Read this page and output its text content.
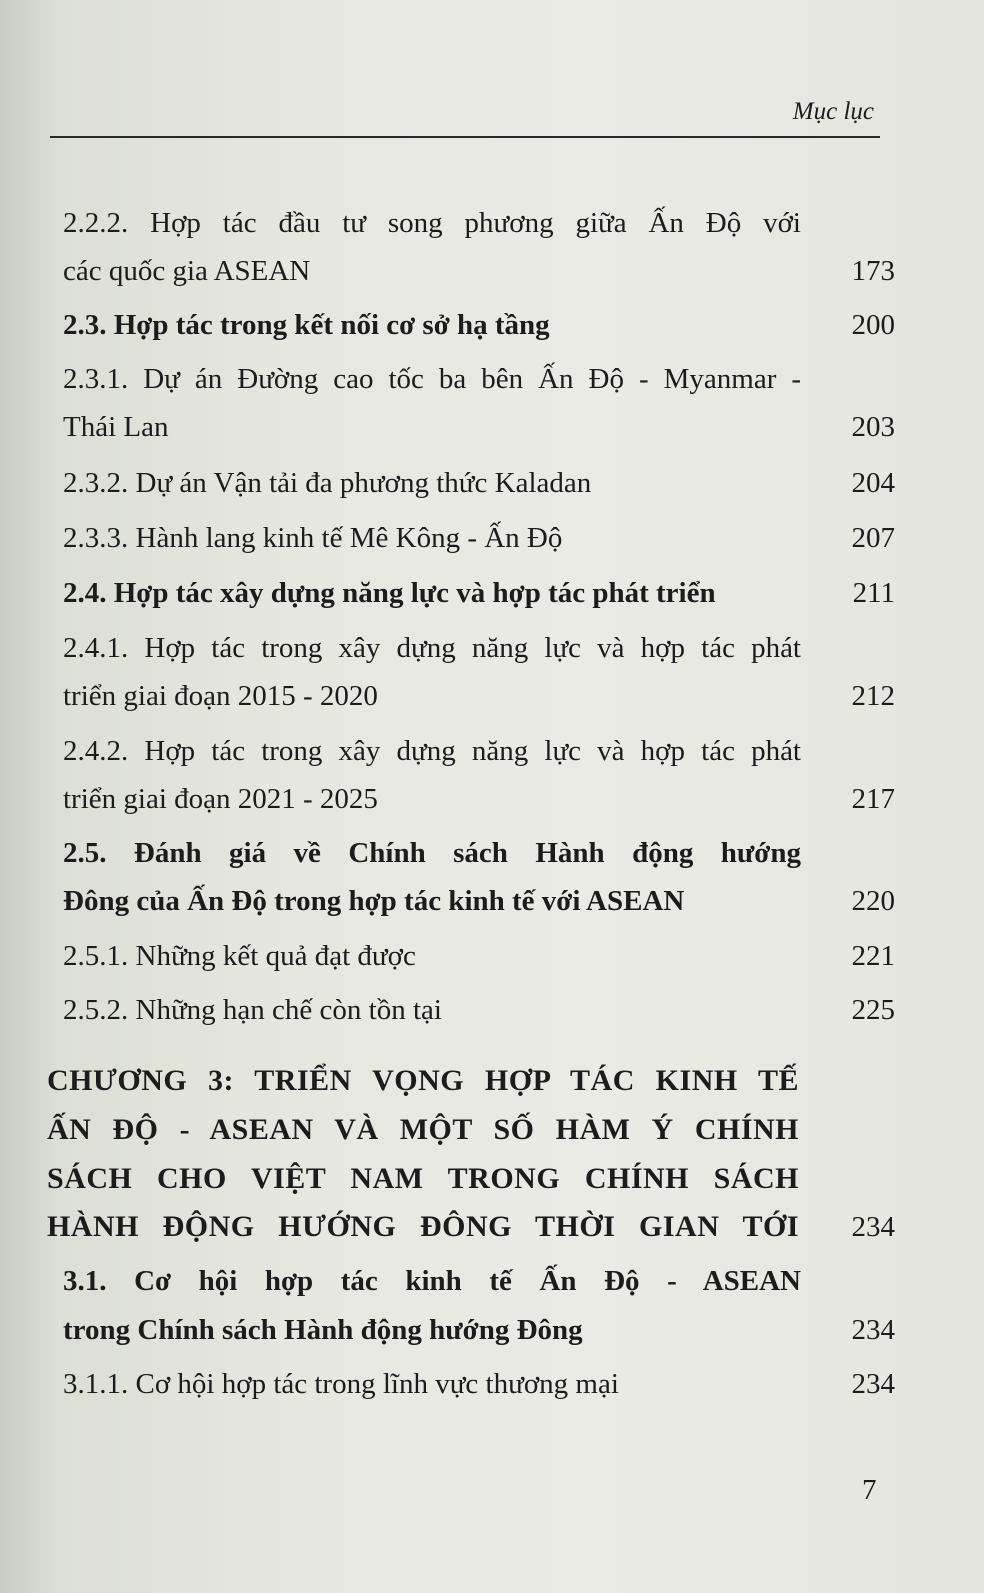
Mục lục
2.2.2. Hợp tác đầu tư song phương giữa Ấn Độ với
các quốc gia ASEAN	173
2.3. Hợp tác trong kết nối cơ sở hạ tầng	200
2.3.1. Dự án Đường cao tốc ba bên Ấn Độ - Myanmar -
Thái Lan	203
2.3.2. Dự án Vận tải đa phương thức Kaladan	204
2.3.3. Hành lang kinh tế Mê Kông - Ấn Độ	207
2.4. Hợp tác xây dựng năng lực và hợp tác phát triển	211
2.4.1. Hợp tác trong xây dựng năng lực và hợp tác phát
triển giai đoạn 2015 - 2020	212
2.4.2. Hợp tác trong xây dựng năng lực và hợp tác phát
triển giai đoạn 2021 - 2025	217
2.5. Đánh giá về Chính sách Hành động hướng
Đông của Ấn Độ trong hợp tác kinh tế với ASEAN	220
2.5.1. Những kết quả đạt được	221
2.5.2. Những hạn chế còn tồn tại	225
CHƯƠNG 3: TRIỂN VỌNG HỢP TÁC KINH TẾ
ẤN ĐỘ - ASEAN VÀ MỘT SỐ HÀM Ý CHÍNH
SÁCH CHO VIỆT NAM TRONG CHÍNH SÁCH
HÀNH ĐỘNG HƯỚNG ĐÔNG THỜI GIAN TỚI	234
3.1. Cơ hội hợp tác kinh tế Ấn Độ - ASEAN
trong Chính sách Hành động hướng Đông	234
3.1.1. Cơ hội hợp tác trong lĩnh vực thương mại	234
7
